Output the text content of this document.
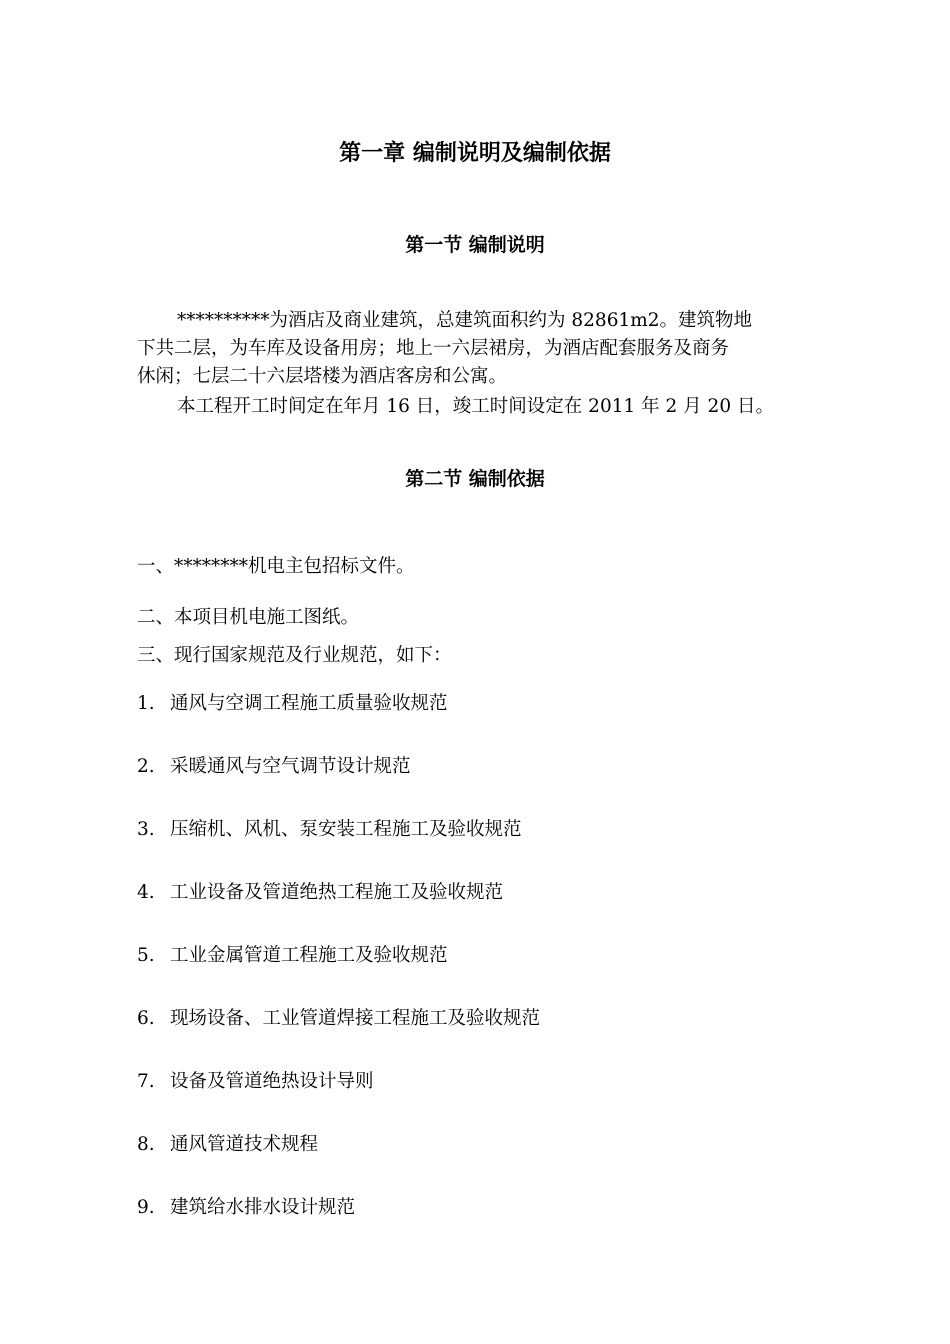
第一章 编制说明及编制依据
第一节 编制说明

**********为酒店及商业建筑，总建筑面积约为 82861m2。建筑物地

下共二层，为车库及设备用房；地上一六层裙房，为酒店配套服务及商务

休闲；七层二十六层塔楼为酒店客房和公寓。

本工程开工时间定在年月 16 日，竣工时间设定在 2011 年 2 月 20 日。
第二节 编制依据
一、********机电主包招标文件。
二、本项目机电施工图纸。
三、现行国家规范及行业规范，如下：
1. 通风与空调工程施工质量验收规范
2. 采暖通风与空气调节设计规范
3. 压缩机、风机、泵安装工程施工及验收规范
4. 工业设备及管道绝热工程施工及验收规范
5. 工业金属管道工程施工及验收规范
6. 现场设备、工业管道焊接工程施工及验收规范
7. 设备及管道绝热设计导则
8. 通风管道技术规程
9. 建筑给水排水设计规范
